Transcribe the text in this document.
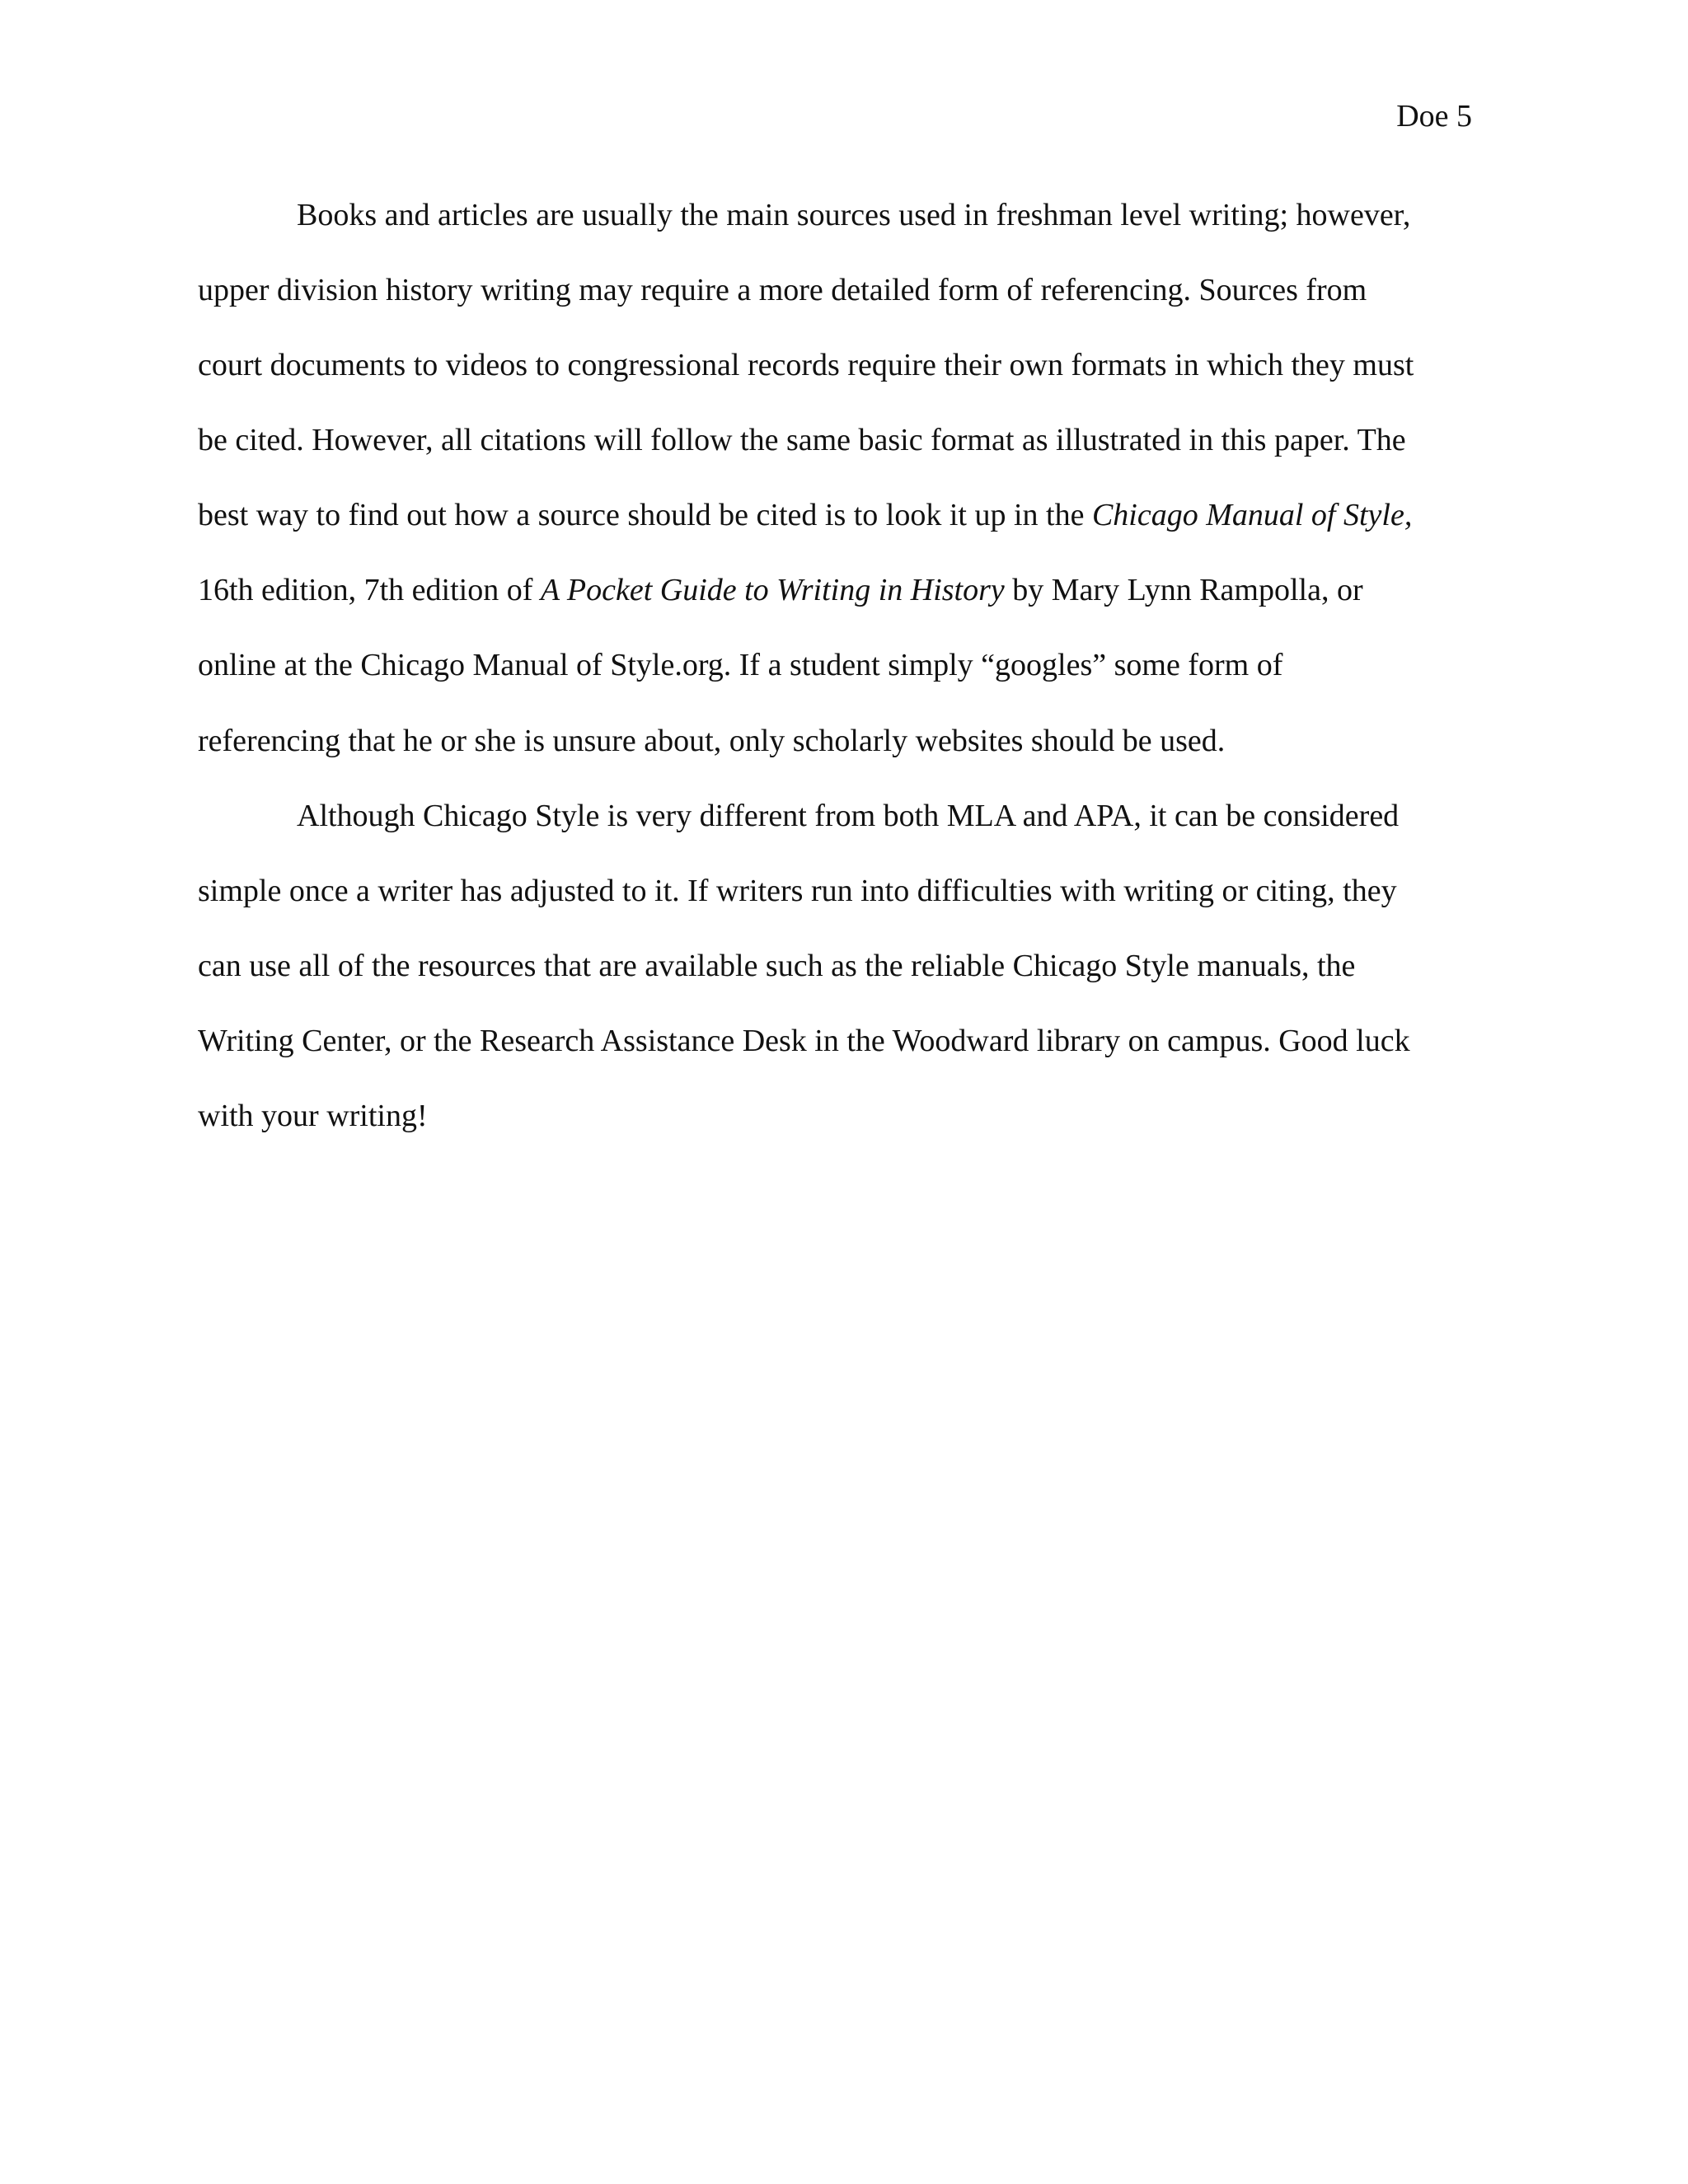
Doe 5
Books and articles are usually the main sources used in freshman level writing; however,
upper division history writing may require a more detailed form of referencing. Sources from
court documents to videos to congressional records require their own formats in which they must
be cited. However, all citations will follow the same basic format as illustrated in this paper. The
best way to find out how a source should be cited is to look it up in the Chicago Manual of Style,
16th edition, 7th edition of A Pocket Guide to Writing in History by Mary Lynn Rampolla, or
online at the Chicago Manual of Style.org. If a student simply “googles” some form of
referencing that he or she is unsure about, only scholarly websites should be used.
Although Chicago Style is very different from both MLA and APA, it can be considered
simple once a writer has adjusted to it. If writers run into difficulties with writing or citing, they
can use all of the resources that are available such as the reliable Chicago Style manuals, the
Writing Center, or the Research Assistance Desk in the Woodward library on campus. Good luck
with your writing!
